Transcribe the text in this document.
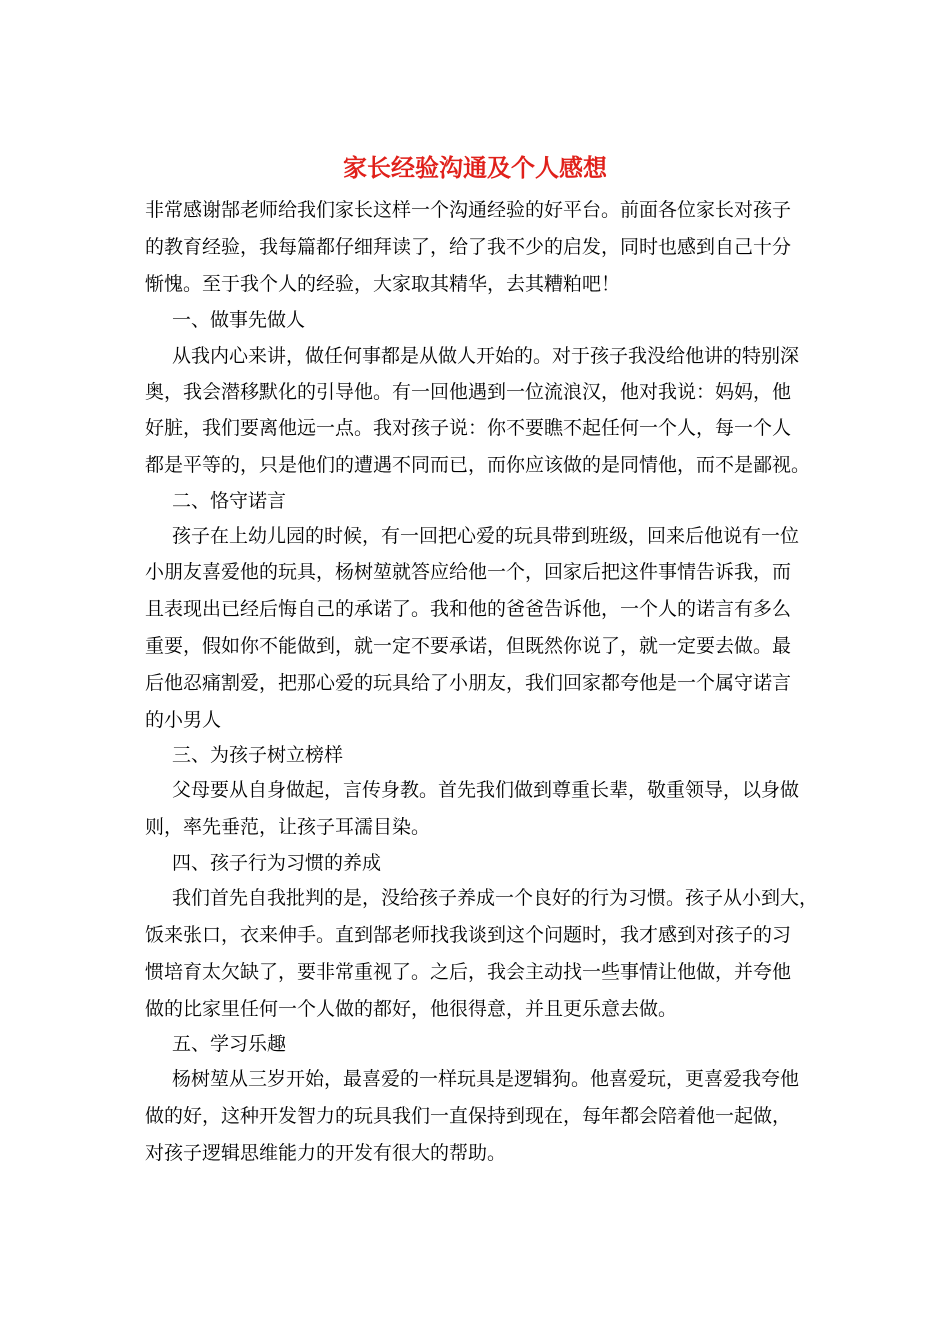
家长经验沟通及个人感想
非常感谢郜老师给我们家长这样一个沟通经验的好平台。前面各位家长对孩子
的教育经验，我每篇都仔细拜读了，给了我不少的启发，同时也感到自己十分
惭愧。至于我个人的经验，大家取其精华，去其糟粕吧！
一、做事先做人
从我内心来讲，做任何事都是从做人开始的。对于孩子我没给他讲的特别深
奥，我会潜移默化的引导他。有一回他遇到一位流浪汉，他对我说：妈妈，他
好脏，我们要离他远一点。我对孩子说：你不要瞧不起任何一个人，每一个人
都是平等的，只是他们的遭遇不同而已，而你应该做的是同情他，而不是鄙视。
二、恪守诺言
孩子在上幼儿园的时候，有一回把心爱的玩具带到班级，回来后他说有一位
小朋友喜爱他的玩具，杨树堃就答应给他一个，回家后把这件事情告诉我，而
且表现出已经后悔自己的承诺了。我和他的爸爸告诉他，一个人的诺言有多么
重要，假如你不能做到，就一定不要承诺，但既然你说了，就一定要去做。最
后他忍痛割爱，把那心爱的玩具给了小朋友，我们回家都夸他是一个属守诺言
的小男人
三、为孩子树立榜样
父母要从自身做起，言传身教。首先我们做到尊重长辈，敬重领导，以身做
则，率先垂范，让孩子耳濡目染。
四、孩子行为习惯的养成
我们首先自我批判的是，没给孩子养成一个良好的行为习惯。孩子从小到大，
饭来张口，衣来伸手。直到郜老师找我谈到这个问题时，我才感到对孩子的习
惯培育太欠缺了，要非常重视了。之后，我会主动找一些事情让他做，并夸他
做的比家里任何一个人做的都好，他很得意，并且更乐意去做。
五、学习乐趣
杨树堃从三岁开始，最喜爱的一样玩具是逻辑狗。他喜爱玩，更喜爱我夸他
做的好，这种开发智力的玩具我们一直保持到现在，每年都会陪着他一起做，
对孩子逻辑思维能力的开发有很大的帮助。
